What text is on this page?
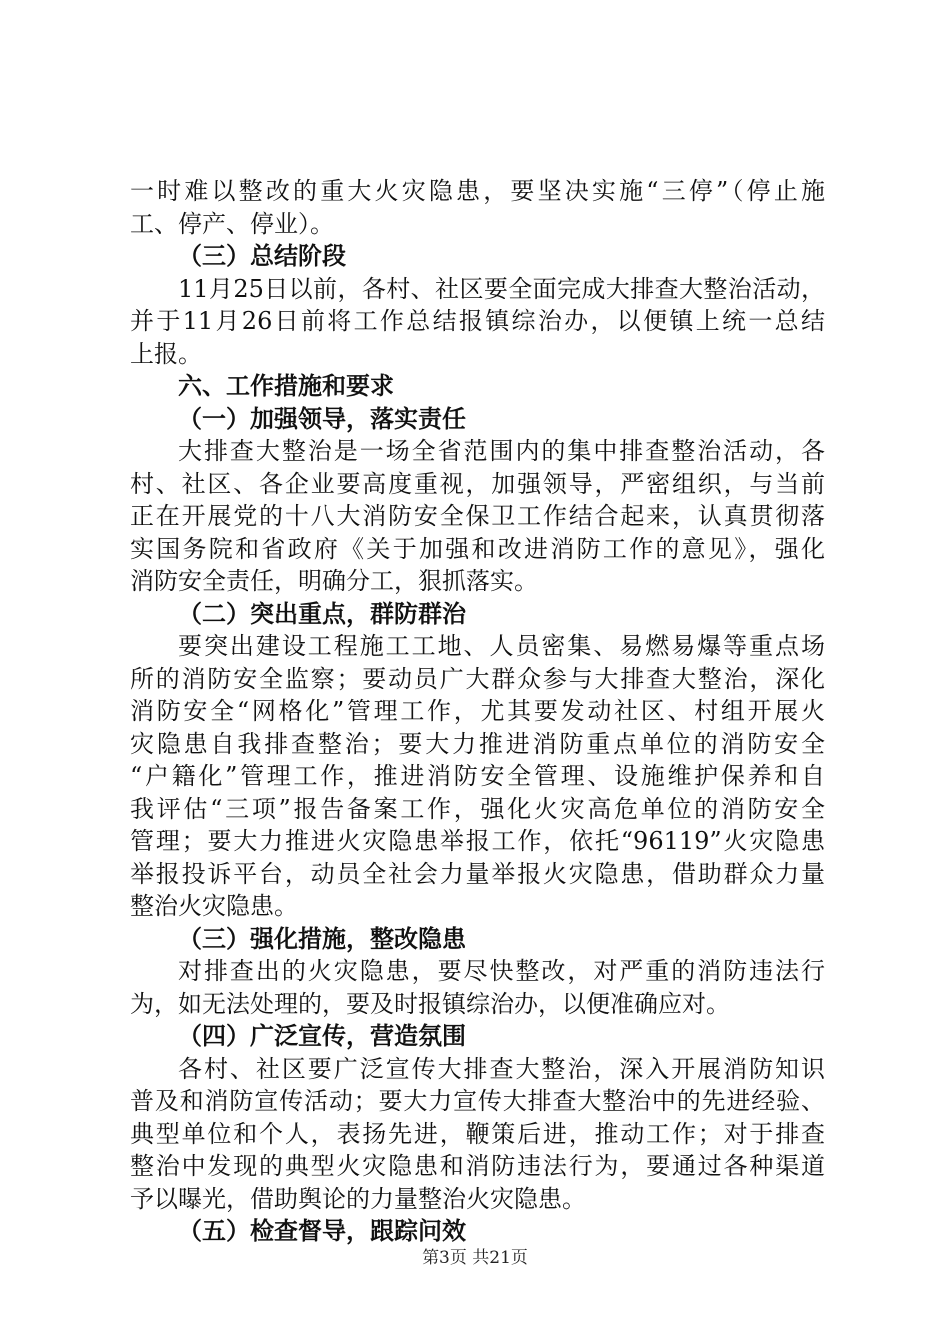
一时难以整改的重大火灾隐患，要坚决实施“三停”（停止施
工、停产、停业）。
（三）总结阶段
11月25日以前，各村、社区要全面完成大排查大整治活动，
并于11月26日前将工作总结报镇综治办，以便镇上统一总结
上报。
六、工作措施和要求
（一）加强领导，落实责任
大排查大整治是一场全省范围内的集中排查整治活动，各
村、社区、各企业要高度重视，加强领导，严密组织，与当前
正在开展党的十八大消防安全保卫工作结合起来，认真贯彻落
实国务院和省政府《关于加强和改进消防工作的意见》，强化
消防安全责任，明确分工，狠抓落实。
（二）突出重点，群防群治
要突出建设工程施工工地、人员密集、易燃易爆等重点场
所的消防安全监察；要动员广大群众参与大排查大整治，深化
消防安全“网格化”管理工作，尤其要发动社区、村组开展火
灾隐患自我排查整治；要大力推进消防重点单位的消防安全
“户籍化”管理工作，推进消防安全管理、设施维护保养和自
我评估“三项”报告备案工作，强化火灾高危单位的消防安全
管理；要大力推进火灾隐患举报工作，依托“96119”火灾隐患
举报投诉平台，动员全社会力量举报火灾隐患，借助群众力量
整治火灾隐患。
（三）强化措施，整改隐患
对排查出的火灾隐患，要尽快整改，对严重的消防违法行
为，如无法处理的，要及时报镇综治办，以便准确应对。
（四）广泛宣传，营造氛围
各村、社区要广泛宣传大排查大整治，深入开展消防知识
普及和消防宣传活动；要大力宣传大排查大整治中的先进经验、
典型单位和个人，表扬先进，鞭策后进，推动工作；对于排查
整治中发现的典型火灾隐患和消防违法行为，要通过各种渠道
予以曝光，借助舆论的力量整治火灾隐患。
（五）检查督导，跟踪问效
第3页 共21页
